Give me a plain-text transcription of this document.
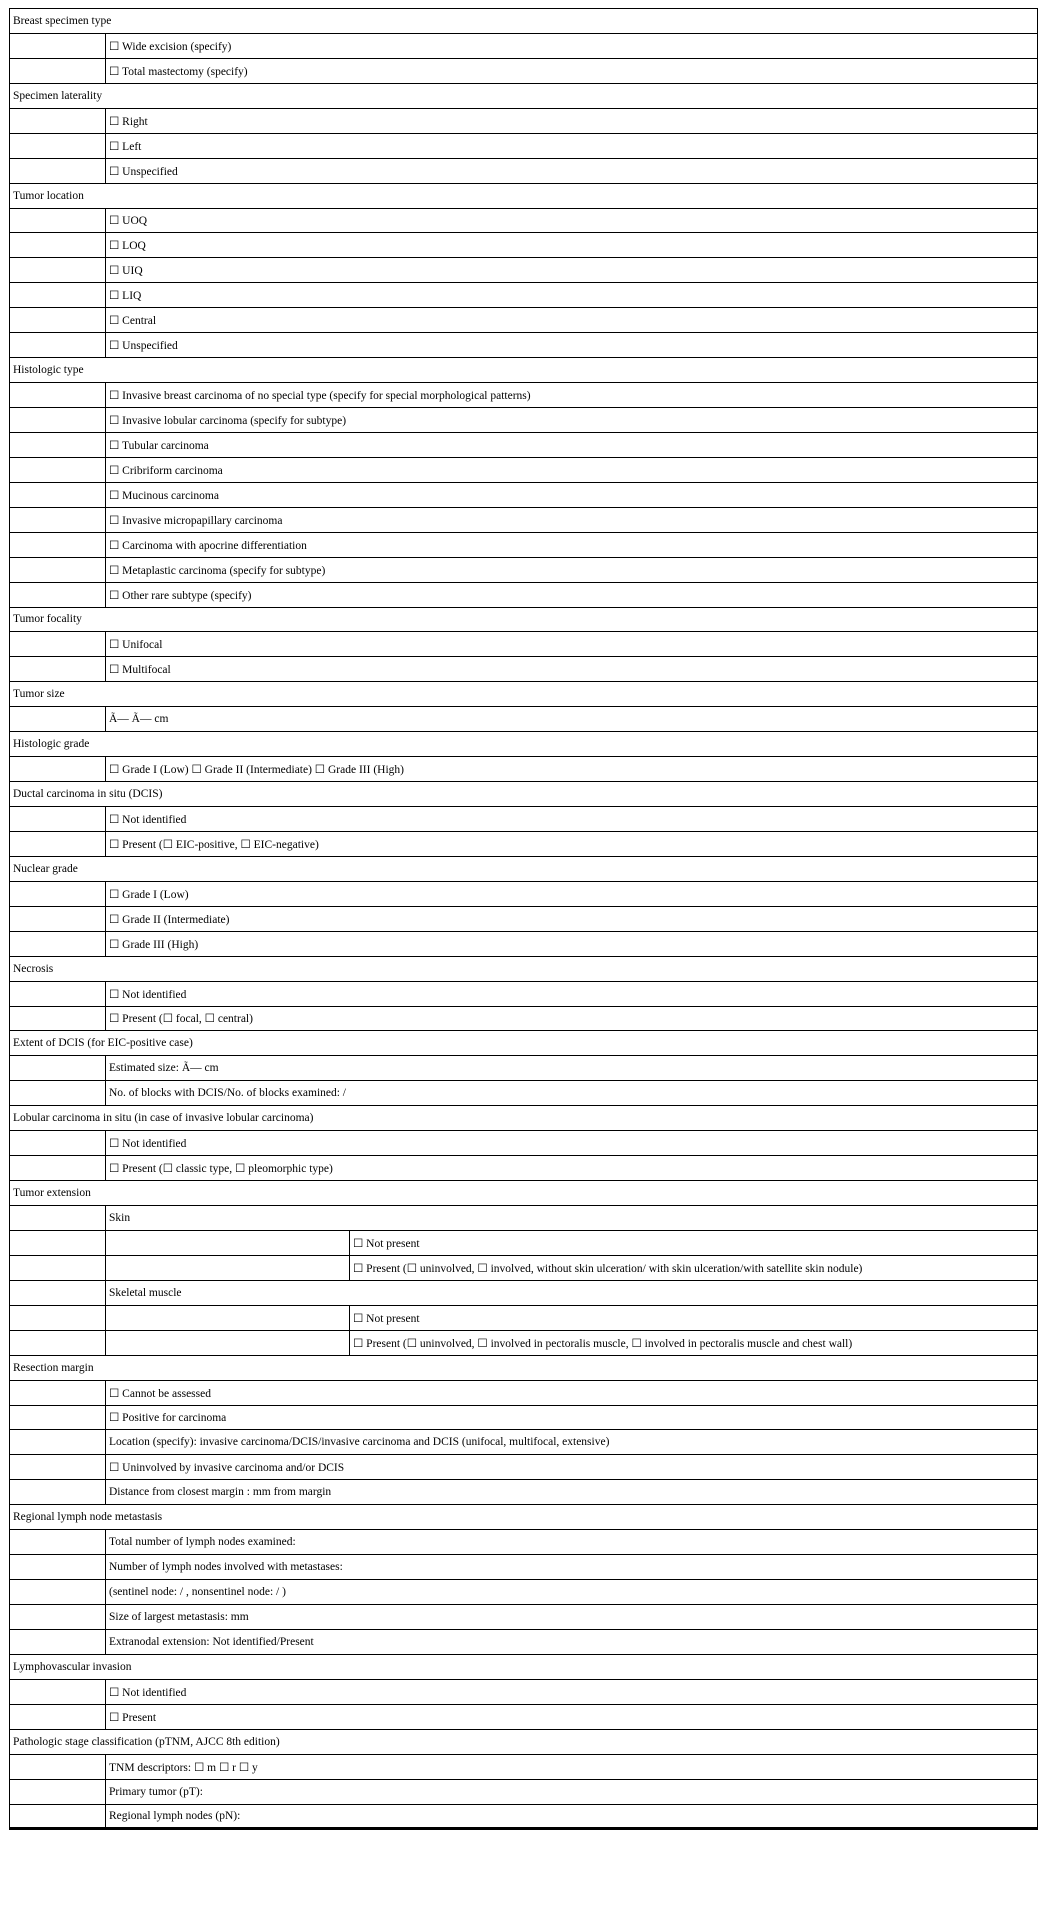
Breast specimen type		
	☐ Wide excision (specify)	
	☐ Total mastectomy (specify)	
Specimen laterality		
	☐ Right	
	☐ Left	
	☐ Unspecified	
Tumor location		
	☐ UOQ	
	☐ LOQ	
	☐ UIQ	
	☐ LIQ	
	☐ Central	
	☐ Unspecified	
Histologic type		
	☐ Invasive breast carcinoma of no special type (specify for special morphological patterns)	
	☐ Invasive lobular carcinoma (specify for subtype)	
	☐ Tubular carcinoma	
	☐ Cribriform carcinoma	
	☐ Mucinous carcinoma	
	☐ Invasive micropapillary carcinoma	
	☐ Carcinoma with apocrine differentiation	
	☐ Metaplastic carcinoma (specify for subtype)	
	☐ Other rare subtype (specify)	
Tumor focality		
	☐ Unifocal	
	☐ Multifocal	
Tumor size		
	Ã— Ã— cm	
Histologic grade		
	☐ Grade I (Low) ☐ Grade II (Intermediate) ☐ Grade III (High)	
Ductal carcinoma in situ (DCIS)		
	☐ Not identified	
	☐ Present (☐ EIC-positive, ☐ EIC-negative)	
Nuclear grade		
	☐ Grade I (Low)	
	☐ Grade II (Intermediate)	
	☐ Grade III (High)	
Necrosis		
	☐ Not identified	
	☐ Present (☐ focal, ☐ central)	
Extent of DCIS (for EIC-positive case)		
	Estimated size: Ã— cm	
	No. of blocks with DCIS/No. of blocks examined: /	
Lobular carcinoma in situ (in case of invasive lobular carcinoma)		
	☐ Not identified	
	☐ Present (☐ classic type, ☐ pleomorphic type)	
Tumor extension		
	Skin	
		☐ Not present
		☐ Present (☐ uninvolved, ☐ involved, without skin ulceration/ with skin ulceration/with satellite skin nodule)
	Skeletal muscle	
		☐ Not present
		☐ Present (☐ uninvolved, ☐ involved in pectoralis muscle, ☐ involved in pectoralis muscle and chest wall)
Resection margin		
	☐ Cannot be assessed	
	☐ Positive for carcinoma	
	Location (specify): invasive carcinoma/DCIS/invasive carcinoma and DCIS (unifocal, multifocal, extensive)	
	☐ Uninvolved by invasive carcinoma and/or DCIS	
	Distance from closest margin : mm from margin	
Regional lymph node metastasis		
	Total number of lymph nodes examined:	
	Number of lymph nodes involved with metastases:	
	(sentinel node: / , nonsentinel node: / )	
	Size of largest metastasis: mm	
	Extranodal extension: Not identified/Present	
Lymphovascular invasion		
	☐ Not identified	
	☐ Present	
Pathologic stage classification (pTNM, AJCC 8th edition)		
	TNM descriptors: ☐ m ☐ r ☐ y	
	Primary tumor (pT):	
	Regional lymph nodes (pN):	
